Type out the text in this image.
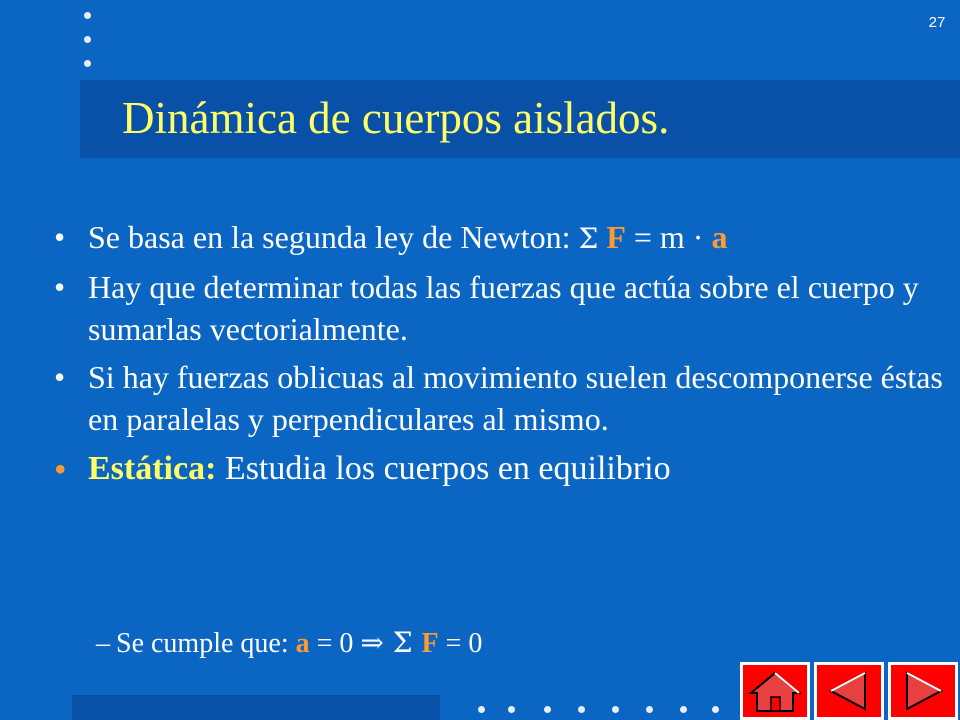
27
Dinámica de cuerpos aislados.
• Se basa en la segunda ley de Newton: Σ F = m · a
• Hay que determinar todas las fuerzas que actúa sobre el cuerpo y sumarlas vectorialmente.
• Si hay fuerzas oblicuas al movimiento suelen descomponerse éstas en paralelas y perpendiculares al mismo.
• Estática: Estudia los cuerpos en equilibrio
– Se cumple que: a = 0 ⇒ Σ F = 0
